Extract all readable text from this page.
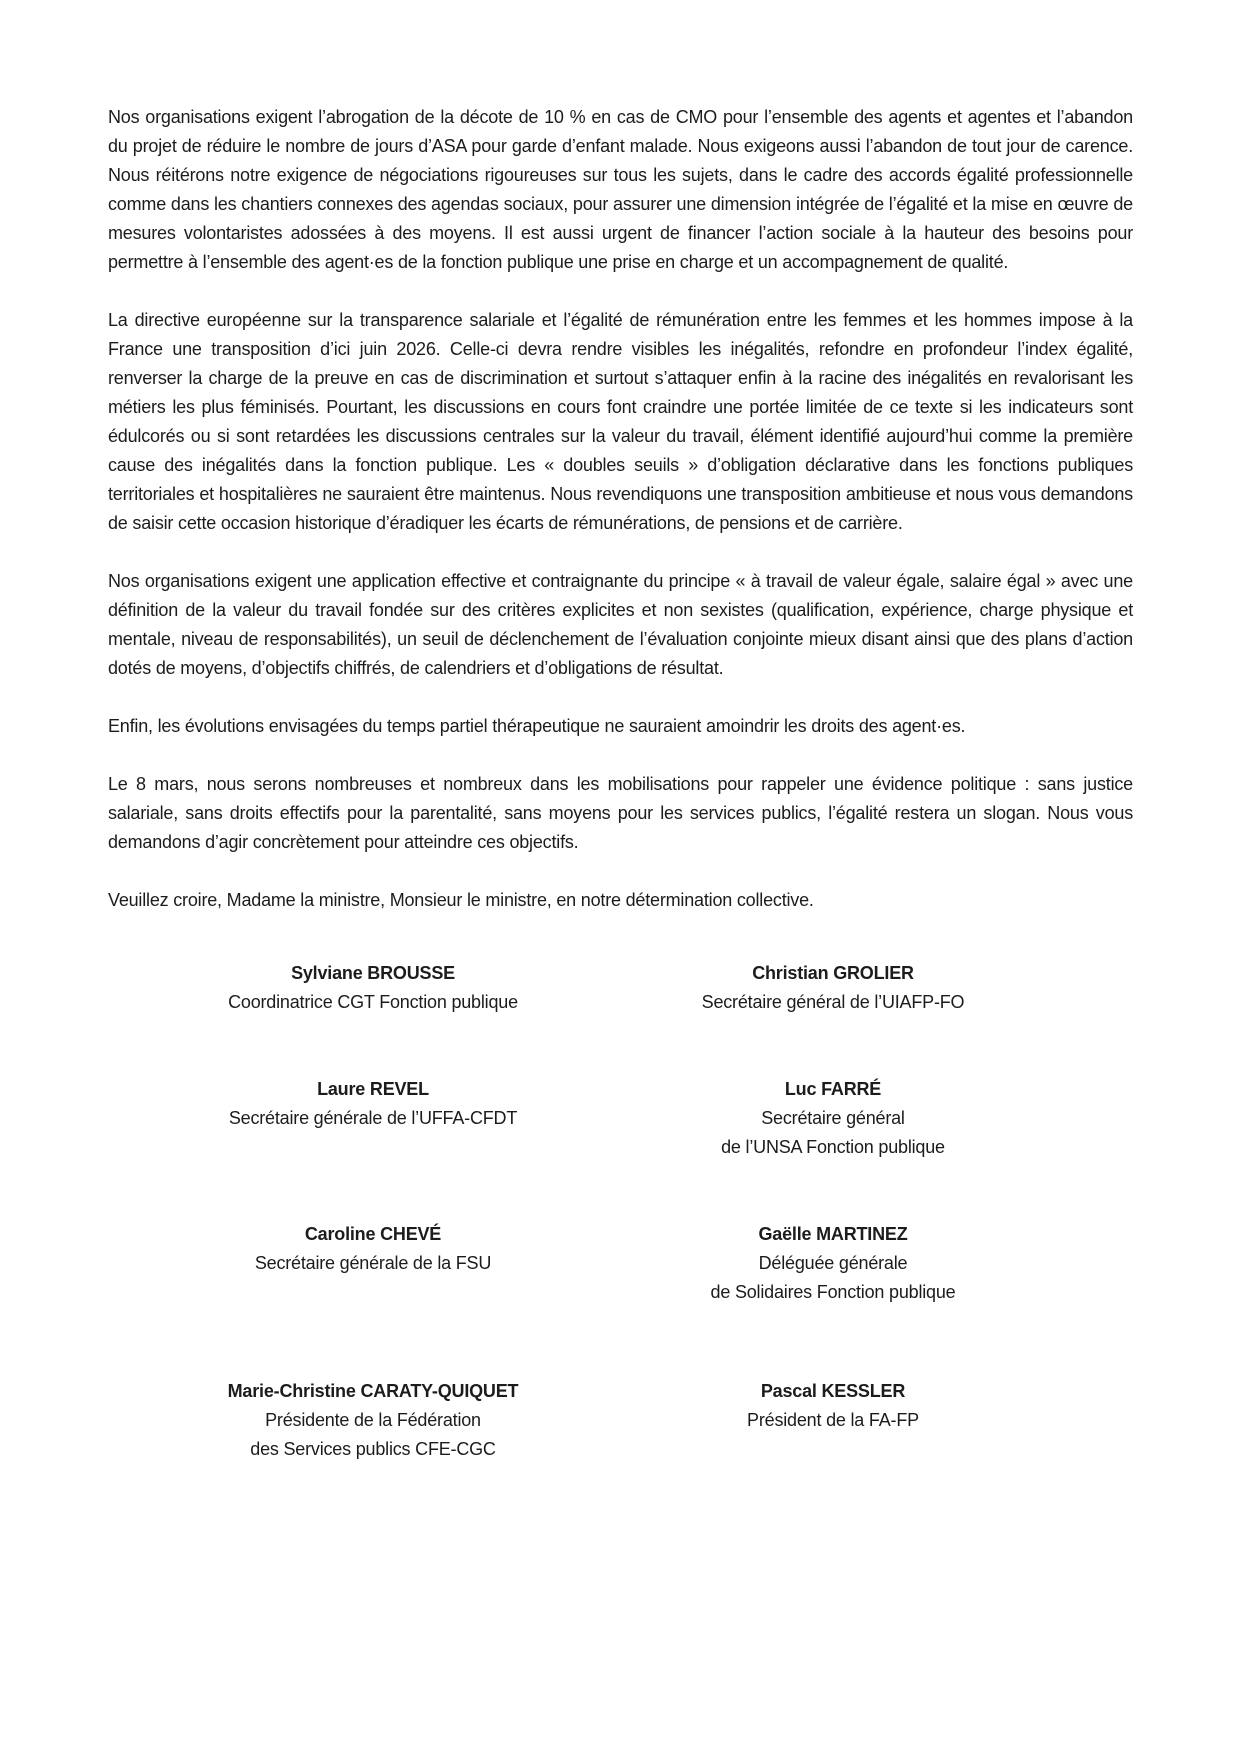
Nos organisations exigent l’abrogation de la décote de 10 % en cas de CMO pour l’ensemble des agents et agentes et l’abandon du projet de réduire le nombre de jours d’ASA pour garde d’enfant malade. Nous exigeons aussi l’abandon de tout jour de carence. Nous réitérons notre exigence de négociations rigoureuses sur tous les sujets, dans le cadre des accords égalité professionnelle comme dans les chantiers connexes des agendas sociaux, pour assurer une dimension intégrée de l’égalité et la mise en œuvre de mesures volontaristes adossées à des moyens. Il est aussi urgent de financer l’action sociale à la hauteur des besoins pour permettre à l’ensemble des agent·es de la fonction publique une prise en charge et un accompagnement de qualité.

La directive européenne sur la transparence salariale et l’égalité de rémunération entre les femmes et les hommes impose à la France une transposition d’ici juin 2026. Celle-ci devra rendre visibles les inégalités, refondre en profondeur l’index égalité, renverser la charge de la preuve en cas de discrimination et surtout s’attaquer enfin à la racine des inégalités en revalorisant les métiers les plus féminisés. Pourtant, les discussions en cours font craindre une portée limitée de ce texte si les indicateurs sont édulcorés ou si sont retardées les discussions centrales sur la valeur du travail, élément identifié aujourd’hui comme la première cause des inégalités dans la fonction publique. Les « doubles seuils » d’obligation déclarative dans les fonctions publiques territoriales et hospitalières ne sauraient être maintenus. Nous revendiquons une transposition ambitieuse et nous vous demandons de saisir cette occasion historique d’éradiquer les écarts de rémunérations, de pensions et de carrière.

Nos organisations exigent une application effective et contraignante du principe « à travail de valeur égale, salaire égal » avec une définition de la valeur du travail fondée sur des critères explicites et non sexistes (qualification, expérience, charge physique et mentale, niveau de responsabilités), un seuil de déclenchement de l’évaluation conjointe mieux disant ainsi que des plans d’action dotés de moyens, d’objectifs chiffrés, de calendriers et d’obligations de résultat.

Enfin, les évolutions envisagées du temps partiel thérapeutique ne sauraient amoindrir les droits des agent·es.

Le 8 mars, nous serons nombreuses et nombreux dans les mobilisations pour rappeler une évidence politique : sans justice salariale, sans droits effectifs pour la parentalité, sans moyens pour les services publics, l’égalité restera un slogan. Nous vous demandons d’agir concrètement pour atteindre ces objectifs.

Veuillez croire, Madame la ministre, Monsieur le ministre, en notre détermination collective.

Sylviane BROUSSE
Coordinatrice CGT Fonction publique
Christian GROLIER
Secrétaire général de l’UIAFP-FO
Laure REVEL
Secrétaire générale de l’UFFA-CFDT
Luc FARRÉ
Secrétaire général
de l’UNSA Fonction publique
Caroline CHEVÉ
Secrétaire générale de la FSU
Gaëlle MARTINEZ
Déléguée générale
de Solidaires Fonction publique
Marie-Christine CARATY-QUIQUET
Présidente de la Fédération
des Services publics CFE-CGC
Pascal KESSLER
Président de la FA-FP
